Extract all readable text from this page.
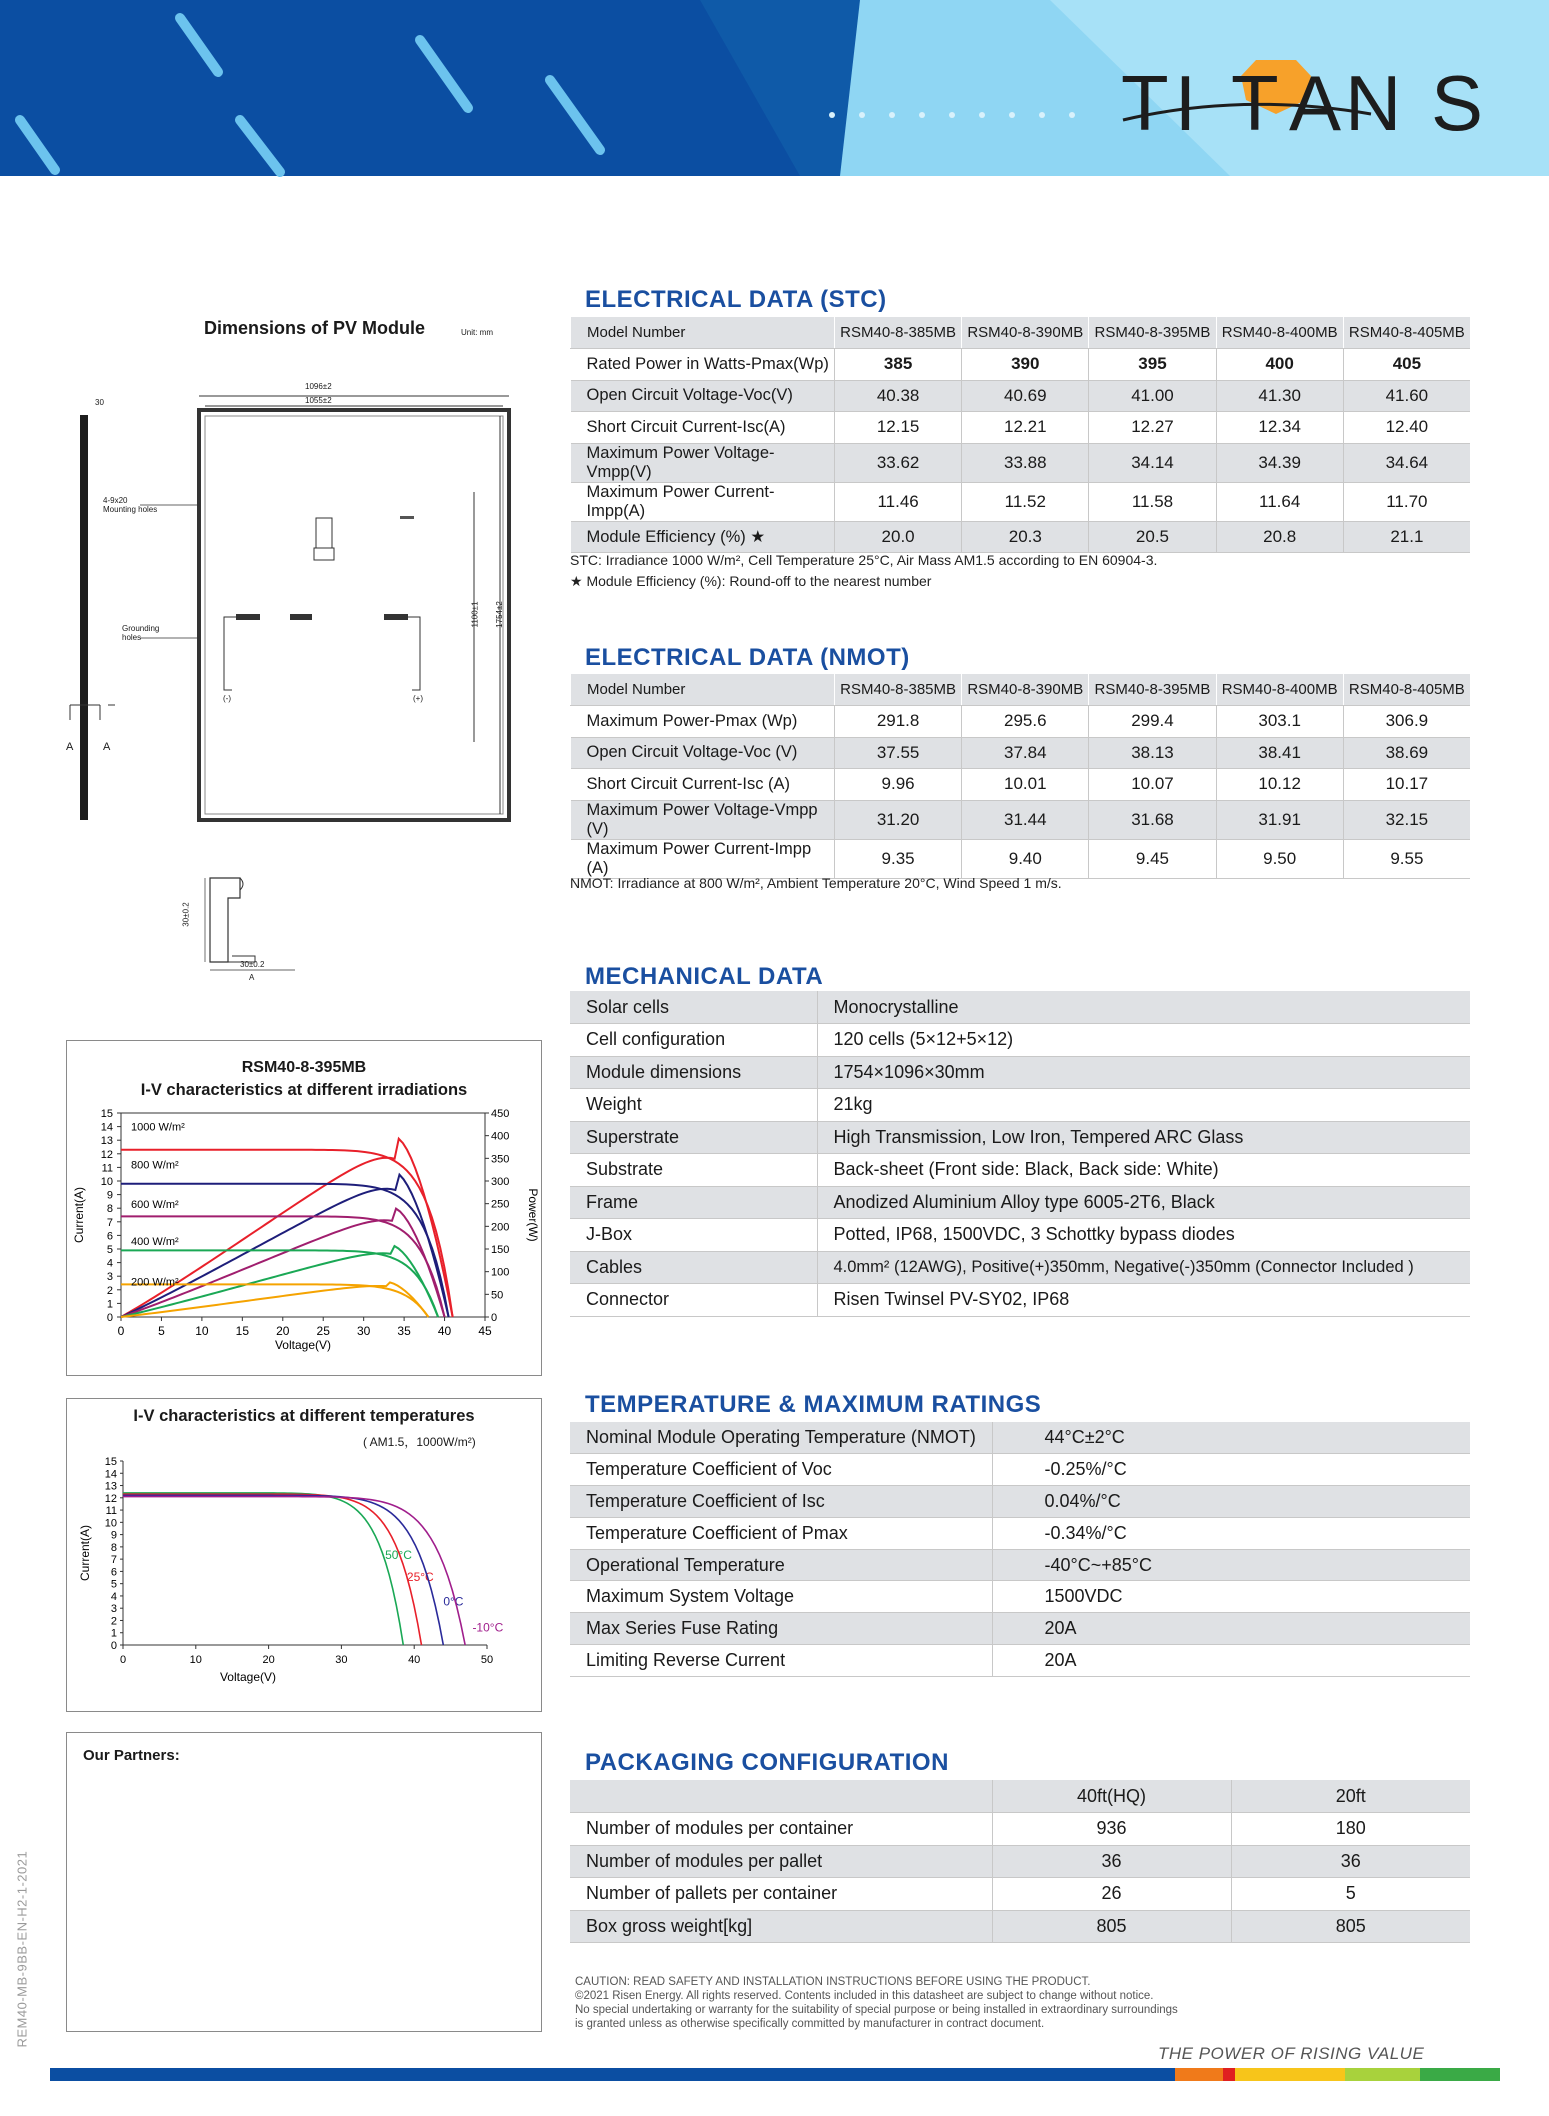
TI T AN S
Dimensions of PV Module	Unit: mm
1096±2
1055±2
30
4-9x20
Mounting holes
Grounding
holes
1100±1 1754±2
(-)	(+)
A	A
30±0.2
30±0.2
A
ELECTRICAL DATA (STC)
Model Number	RSM40-8-385MB	RSM40-8-390MB	RSM40-8-395MB	RSM40-8-400MB	RSM40-8-405MB
Rated Power in Watts-Pmax(Wp)	385	390	395	400	405
Open Circuit Voltage-Voc(V)	40.38	40.69	41.00	41.30	41.60
Short Circuit Current-Isc(A)	12.15	12.21	12.27	12.34	12.40
Maximum Power Voltage-Vmpp(V)	33.62	33.88	34.14	34.39	34.64
Maximum Power Current-Impp(A)	11.46	11.52	11.58	11.64	11.70
Module Efficiency (%) ★	20.0	20.3	20.5	20.8	21.1
STC: Irradiance 1000 W/m², Cell Temperature 25°C, Air Mass AM1.5 according to EN 60904-3.
★ Module Efficiency (%): Round-off to the nearest number
ELECTRICAL DATA (NMOT)
Model Number	RSM40-8-385MB	RSM40-8-390MB	RSM40-8-395MB	RSM40-8-400MB	RSM40-8-405MB
Maximum Power-Pmax (Wp)	291.8	295.6	299.4	303.1	306.9
Open Circuit Voltage-Voc (V)	37.55	37.84	38.13	38.41	38.69
Short Circuit Current-Isc (A)	9.96	10.01	10.07	10.12	10.17
Maximum Power Voltage-Vmpp (V)	31.20	31.44	31.68	31.91	32.15
Maximum Power Current-Impp (A)	9.35	9.40	9.45	9.50	9.55
NMOT: Irradiance at 800 W/m², Ambient Temperature 20°C, Wind Speed 1 m/s.
MECHANICAL DATA
Solar cells	Monocrystalline
Cell configuration	120 cells (5×12+5×12)
Module dimensions	1754×1096×30mm
Weight	21kg
Superstrate	High Transmission, Low Iron, Tempered ARC Glass
Substrate	Back-sheet (Front side: Black, Back side: White)
Frame	Anodized Aluminium Alloy type 6005-2T6, Black
J-Box	Potted, IP68, 1500VDC, 3 Schottky bypass diodes
Cables	4.0mm² (12AWG), Positive(+)350mm, Negative(-)350mm (Connector Included )
Connector	Risen Twinsel PV-SY02, IP68
TEMPERATURE & MAXIMUM RATINGS
Nominal Module Operating Temperature (NMOT)	44°C±2°C
Temperature Coefficient of Voc	-0.25%/°C
Temperature Coefficient of Isc	0.04%/°C
Temperature Coefficient of Pmax	-0.34%/°C
Operational Temperature	-40°C~+85°C
Maximum System Voltage	1500VDC
Max Series Fuse Rating	20A
Limiting Reverse Current	20A
PACKAGING CONFIGURATION
	40ft(HQ)	20ft
Number of modules per container	936	180
Number of modules per pallet	36	36
Number of pallets per container	26	5
Box gross weight[kg]	805	805
RSM40-8-395MB
I-V characteristics at different irradiations
0
1
2
3
4
5
6
7
8
9
10
11
12
13
14
15
0
50
100
150
200
250
300
350
400
450
0	5	10 15 20 25 30 35 40 45
Voltage(V)
Current(A)	Power(W)
1000 W/m²
800 W/m²
600 W/m²
400 W/m²
200 W/m²
I-V characteristics at different temperatures
( AM1.5，1000W/m²)
0
1
2
3
4
5
6
7
8
9
10
11
12
13
14
15
0	10	20	30	40	50
Voltage(V)
Current(A)	50°C
25°C
0°C
-10°C
Our Partners:
REM40-MB-9BB-EN-H2-1-2021	CAUTION: READ SAFETY AND INSTALLATION INSTRUCTIONS BEFORE USING THE PRODUCT.
©2021 Risen Energy. All rights reserved. Contents included in this datasheet are subject to change without notice.
No special undertaking or warranty for the suitability of special purpose or being installed in extraordinary surroundings
is granted unless as otherwise specifically committed by manufacturer in contract document.
THE POWER OF RISING VALUE
